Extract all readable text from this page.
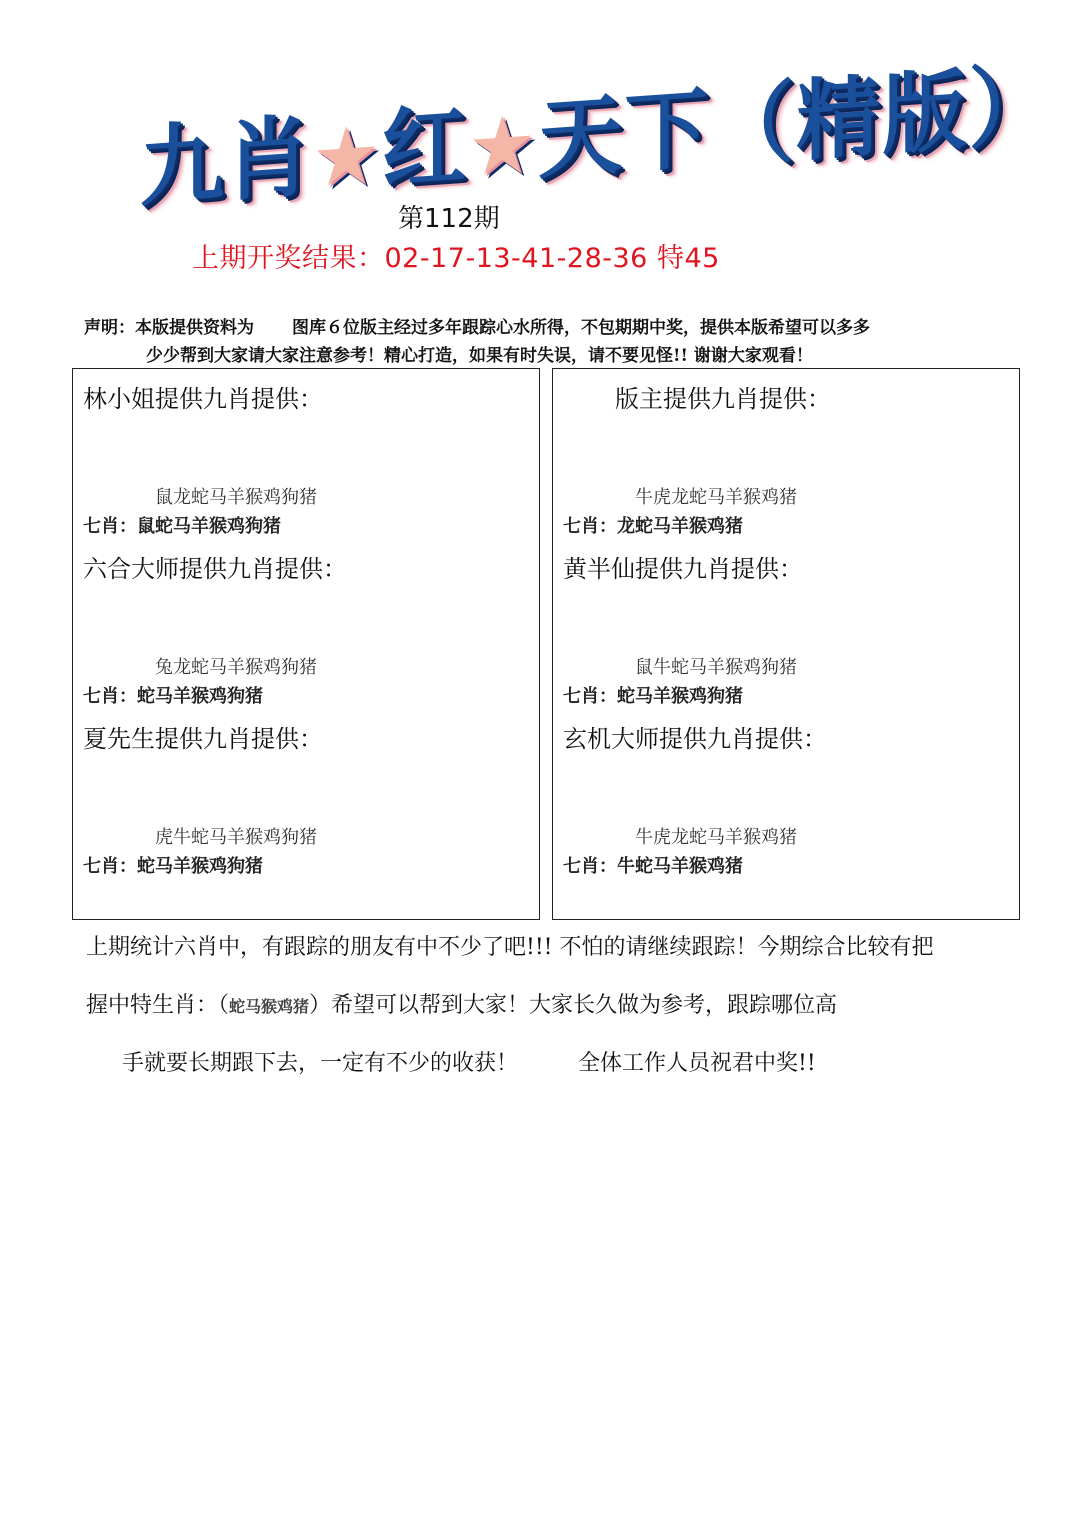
九肖★红★天下（精版）
第112期
上期开奖结果：02-17-13-41-28-36 特45
声明：本版提供资料为 图库６位版主经过多年跟踪心水所得，不包期期中奖，提供本版希望可以多多
少少帮到大家请大家注意参考！精心打造，如果有时失误，请不要见怪!! 谢谢大家观看！
林小姐提供九肖提供：
鼠龙蛇马羊猴鸡狗猪
七肖：鼠蛇马羊猴鸡狗猪
六合大师提供九肖提供：
兔龙蛇马羊猴鸡狗猪
七肖：蛇马羊猴鸡狗猪
夏先生提供九肖提供：
虎牛蛇马羊猴鸡狗猪
七肖：蛇马羊猴鸡狗猪
版主提供九肖提供：
牛虎龙蛇马羊猴鸡猪
七肖：龙蛇马羊猴鸡猪
黄半仙提供九肖提供：
鼠牛蛇马羊猴鸡狗猪
七肖：蛇马羊猴鸡狗猪
玄机大师提供九肖提供：
牛虎龙蛇马羊猴鸡猪
七肖：牛蛇马羊猴鸡猪
上期统计六肖中，有跟踪的朋友有中不少了吧!!! 不怕的请继续跟踪！今期综合比较有把
握中特生肖：（蛇马猴鸡猪）希望可以帮到大家！大家长久做为参考，跟踪哪位高
手就要长期跟下去，一定有不少的收获！	全体工作人员祝君中奖!!
